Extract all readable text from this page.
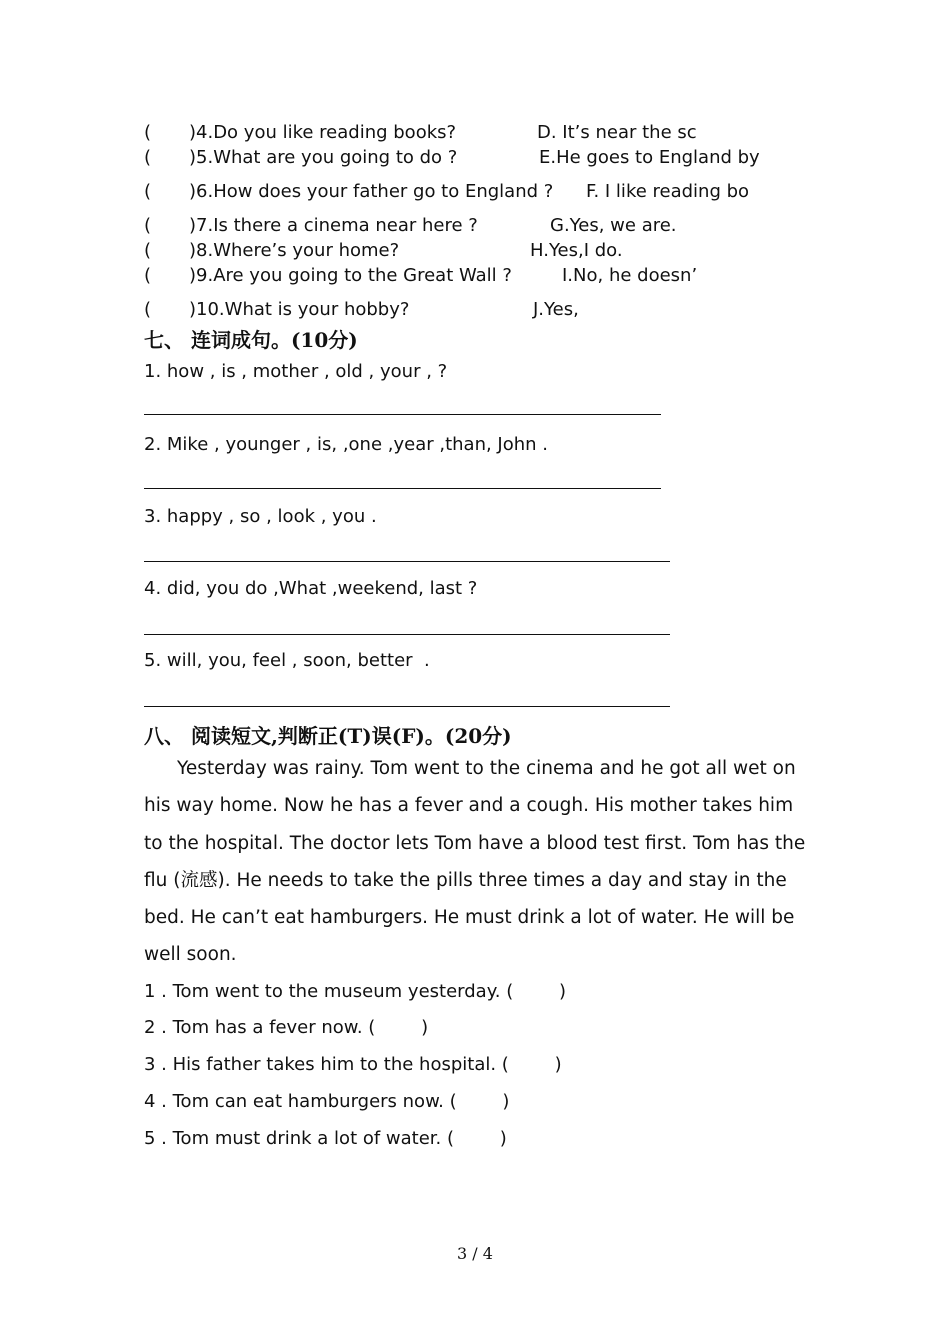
( )4.Do you like reading books?	D. It’s near the sc
( )5.What are you going to do ?	E.He goes to England by
( )6.How does your father go to England ? F. I like reading bo
( )7.Is there a cinema near here ?	G.Yes, we are.
( )8.Where’s your home?	H.Yes,I do.
( )9.Are you going to the Great Wall ?	I.No, he doesn’
( )10.What is your hobby?	J.Yes,
七、 连词成句。(10分)
1. how , is , mother , old , your , ?
2. Mike , younger , is, ,one ,year ,than, John .
3. happy , so , look , you .
4. did, you do ,What ,weekend, last ?
5. will, you, feel , soon, better  .
八、 阅读短文,判断正(T)误(F)。(20分)

Yesterday was rainy. Tom went to the cinema and he got all wet on his way home. Now he has a fever and a cough. His mother takes him to the hospital. The doctor lets Tom have a blood test first. Tom has the flu (流感). He needs to take the pills three times a day and stay in the bed. He can’t eat hamburgers. He must drink a lot of water. He will be well soon.

1 . Tom went to the museum yesterday. (        )
2 . Tom has a fever now. (        )
3 . His father takes him to the hospital. (        )
4 . Tom can eat hamburgers now. (        )
5 . Tom must drink a lot of water. (        )
3 / 4
